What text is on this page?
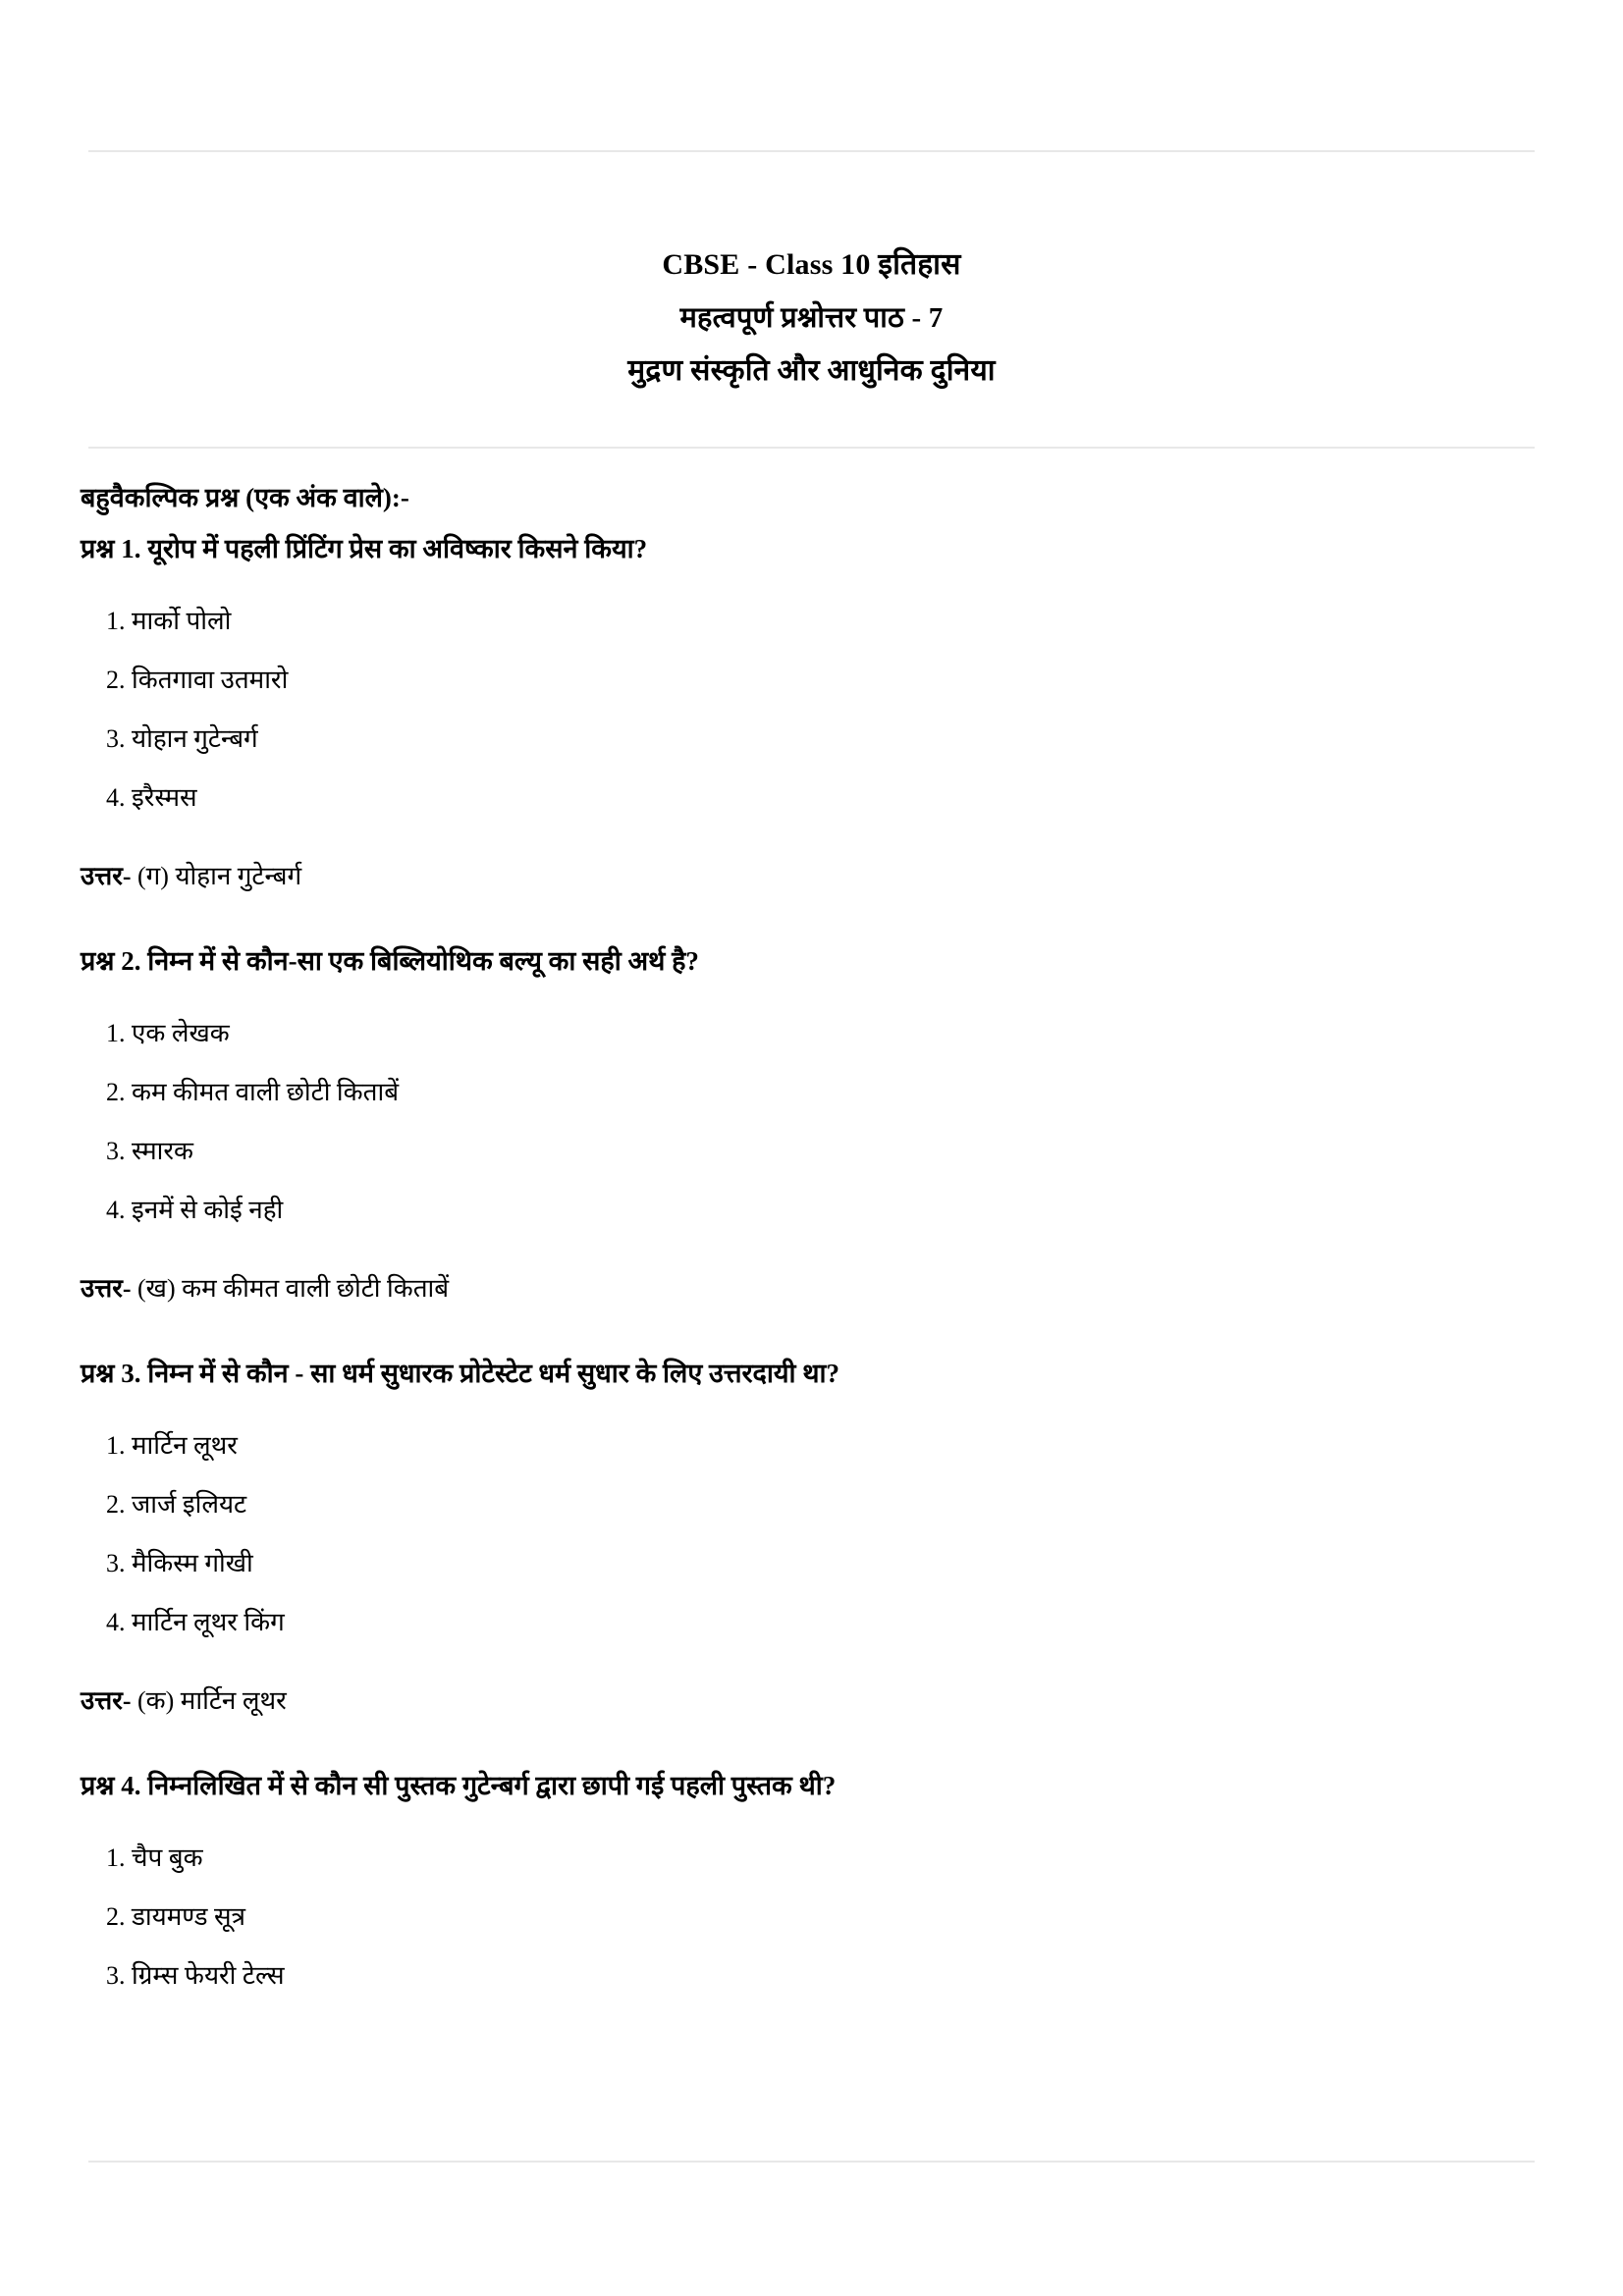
CBSE - Class 10 इतिहास
महत्वपूर्ण प्रश्नोत्तर पाठ - 7
मुद्रण संस्कृति और आधुनिक दुनिया

बहुवैकल्पिक प्रश्न (एक अंक वाले):-

प्रश्न 1. यूरोप में पहली प्रिंटिंग प्रेस का अविष्कार किसने किया?

1. मार्को पोलो
2. कितगावा उतमारो
3. योहान गुटेन्बर्ग
4. इरैस्मस

उत्तर- (ग) योहान गुटेन्बर्ग

प्रश्न 2. निम्न में से कौन-सा एक बिब्लियोथिक बल्यू का सही अर्थ है?

1. एक लेखक
2. कम कीमत वाली छोटी किताबें
3. स्मारक
4. इनमें से कोई नही

उत्तर- (ख) कम कीमत वाली छोटी किताबें

प्रश्न 3. निम्न में से कौन - सा धर्म सुधारक प्रोटेस्टेट धर्म सुधार के लिए उत्तरदायी था?

1. मार्टिन लूथर
2. जार्ज इलियट
3. मैकिस्म गोखी
4. मार्टिन लूथर किंग

उत्तर- (क) मार्टिन लूथर

प्रश्न 4. निम्नलिखित में से कौन सी पुस्तक गुटेन्बर्ग द्वारा छापी गई पहली पुस्तक थी?

1. चैप बुक
2. डायमण्ड सूत्र
3. ग्रिम्स फेयरी टेल्स
